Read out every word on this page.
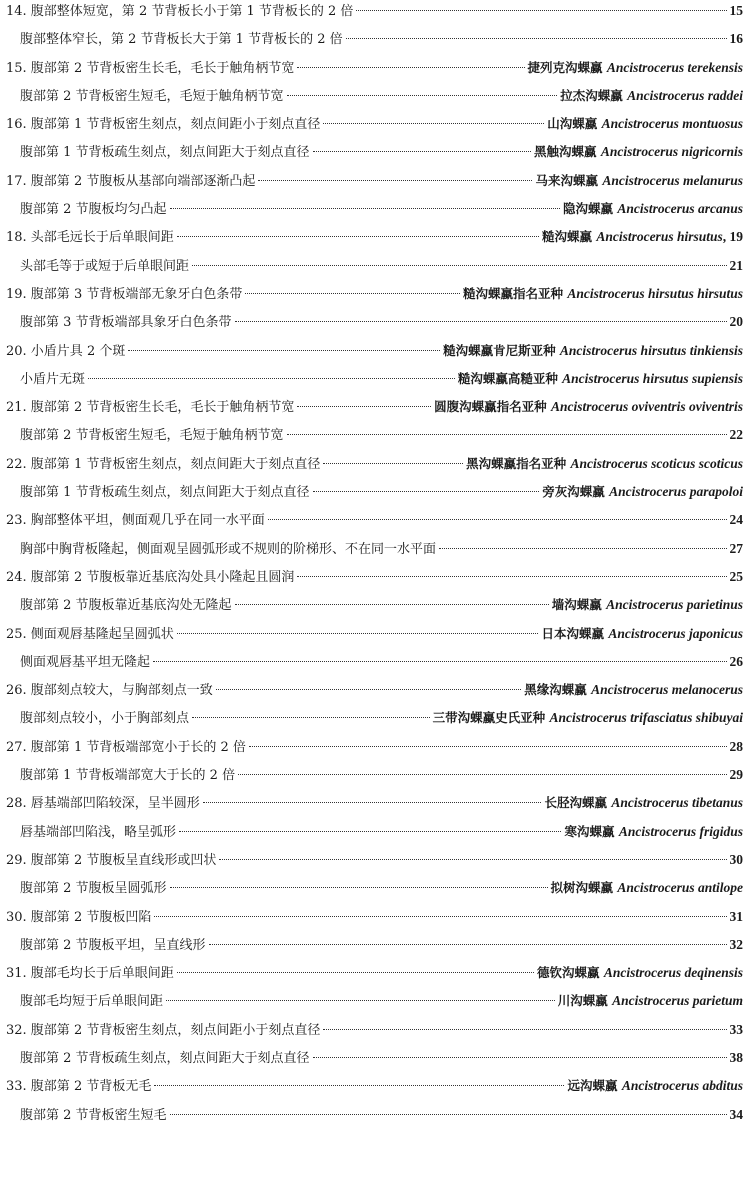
14. 腹部整体短宽，第 2 节背板长小于第 1 节背板长的 2 倍	15
腹部整体窄长，第 2 节背板长大于第 1 节背板长的 2 倍	16
15. 腹部第 2 节背板密生长毛，毛长于触角柄节宽	捷列克沟蜾蠃 Ancistrocerus terekensis
腹部第 2 节背板密生短毛，毛短于触角柄节宽	拉杰沟蜾蠃 Ancistrocerus raddei
16. 腹部第 1 节背板密生刻点，刻点间距小于刻点直径	山沟蜾蠃 Ancistrocerus montuosus
腹部第 1 节背板疏生刻点，刻点间距大于刻点直径	黑触沟蜾蠃 Ancistrocerus nigricornis
17. 腹部第 2 节腹板从基部向端部逐渐凸起	马来沟蜾蠃 Ancistrocerus melanurus
腹部第 2 节腹板均匀凸起	隐沟蜾蠃 Ancistrocerus arcanus
18. 头部毛远长于后单眼间距	糙沟蜾蠃 Ancistrocerus hirsutus, 19
头部毛等于或短于后单眼间距	21
19. 腹部第 3 节背板端部无象牙白色条带	糙沟蜾蠃指名亚种 Ancistrocerus hirsutus hirsutus
腹部第 3 节背板端部具象牙白色条带	20
20. 小盾片具 2 个斑	糙沟蜾蠃肯尼斯亚种 Ancistrocerus hirsutus tinkiensis
小盾片无斑	糙沟蜾蠃高糙亚种 Ancistrocerus hirsutus supiensis
21. 腹部第 2 节背板密生长毛，毛长于触角柄节宽	圆腹沟蜾蠃指名亚种 Ancistrocerus oviventris oviventris
腹部第 2 节背板密生短毛，毛短于触角柄节宽	22
22. 腹部第 1 节背板密生刻点，刻点间距大于刻点直径	黑沟蜾蠃指名亚种 Ancistrocerus scoticus scoticus
腹部第 1 节背板疏生刻点，刻点间距大于刻点直径	旁灰沟蜾蠃 Ancistrocerus parapoloi
23. 胸部整体平坦，侧面观几乎在同一水平面	24
胸部中胸背板隆起，侧面观呈圆弧形或不规则的阶梯形、不在同一水平面	27
24. 腹部第 2 节腹板靠近基底沟处具小隆起且圆润	25
腹部第 2 节腹板靠近基底沟处无隆起	墙沟蜾蠃 Ancistrocerus parietinus
25. 侧面观唇基隆起呈圆弧状	日本沟蜾蠃 Ancistrocerus japonicus
侧面观唇基平坦无隆起	26
26. 腹部刻点较大，与胸部刻点一致	黑缘沟蜾蠃 Ancistrocerus melanocerus
腹部刻点较小，小于胸部刻点	三带沟蜾蠃史氏亚种 Ancistrocerus trifasciatus shibuyai
27. 腹部第 1 节背板端部宽小于长的 2 倍	28
腹部第 1 节背板端部宽大于长的 2 倍	29
28. 唇基端部凹陷较深，呈半圆形	长胫沟蜾蠃 Ancistrocerus tibetanus
唇基端部凹陷浅，略呈弧形	寒沟蜾蠃 Ancistrocerus frigidus
29. 腹部第 2 节腹板呈直线形或凹状	30
腹部第 2 节腹板呈圆弧形	拟树沟蜾蠃 Ancistrocerus antilope
30. 腹部第 2 节腹板凹陷	31
腹部第 2 节腹板平坦，呈直线形	32
31. 腹部毛均长于后单眼间距	德钦沟蜾蠃 Ancistrocerus deqinensis
腹部毛均短于后单眼间距	川沟蜾蠃 Ancistrocerus parietum
32. 腹部第 2 节背板密生刻点，刻点间距小于刻点直径	33
腹部第 2 节背板疏生刻点，刻点间距大于刻点直径	38
33. 腹部第 2 节背板无毛	远沟蜾蠃 Ancistrocerus abditus
腹部第 2 节背板密生短毛	34
